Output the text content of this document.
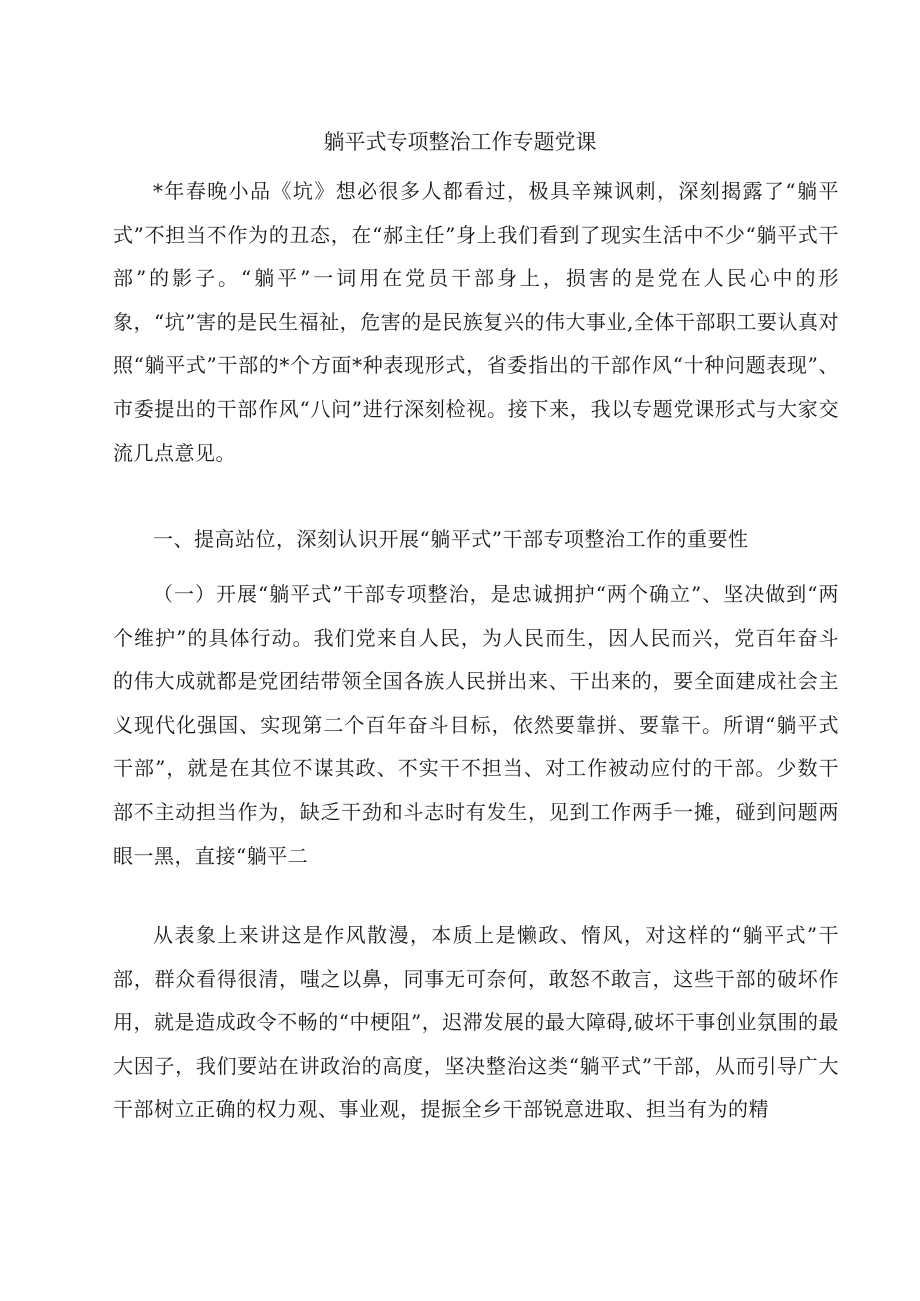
躺平式专项整治工作专题党课

*年春晚小品《坑》想必很多人都看过，极具辛辣讽刺，深刻揭露了“躺平式”不担当不作为的丑态，在“郝主任”身上我们看到了现实生活中不少“躺平式干部”的影子。“躺平”一词用在党员干部身上，损害的是党在人民心中的形象，“坑”害的是民生福祉，危害的是民族复兴的伟大事业,全体干部职工要认真对照“躺平式”干部的*个方面*种表现形式，省委指出的干部作风“十种问题表现”、市委提出的干部作风“八问”进行深刻检视。接下来，我以专题党课形式与大家交流几点意见。

一、提高站位，深刻认识开展“躺平式”干部专项整治工作的重要性

（一）开展“躺平式”干部专项整治，是忠诚拥护“两个确立”、坚决做到“两个维护”的具体行动。我们党来自人民，为人民而生，因人民而兴，党百年奋斗的伟大成就都是党团结带领全国各族人民拼出来、干出来的，要全面建成社会主义现代化强国、实现第二个百年奋斗目标，依然要靠拼、要靠干。所谓“躺平式干部”，就是在其位不谋其政、不实干不担当、对工作被动应付的干部。少数干部不主动担当作为，缺乏干劲和斗志时有发生，见到工作两手一摊，碰到问题两眼一黑，直接“躺平二

从表象上来讲这是作风散漫，本质上是懒政、惰风，对这样的“躺平式”干部，群众看得很清，嗤之以鼻，同事无可奈何，敢怒不敢言，这些干部的破坏作用，就是造成政令不畅的“中梗阻”，迟滞发展的最大障碍,破坏干事创业氛围的最大因子，我们要站在讲政治的高度，坚决整治这类“躺平式”干部，从而引导广大干部树立正确的权力观、事业观，提振全乡干部锐意进取、担当有为的精
